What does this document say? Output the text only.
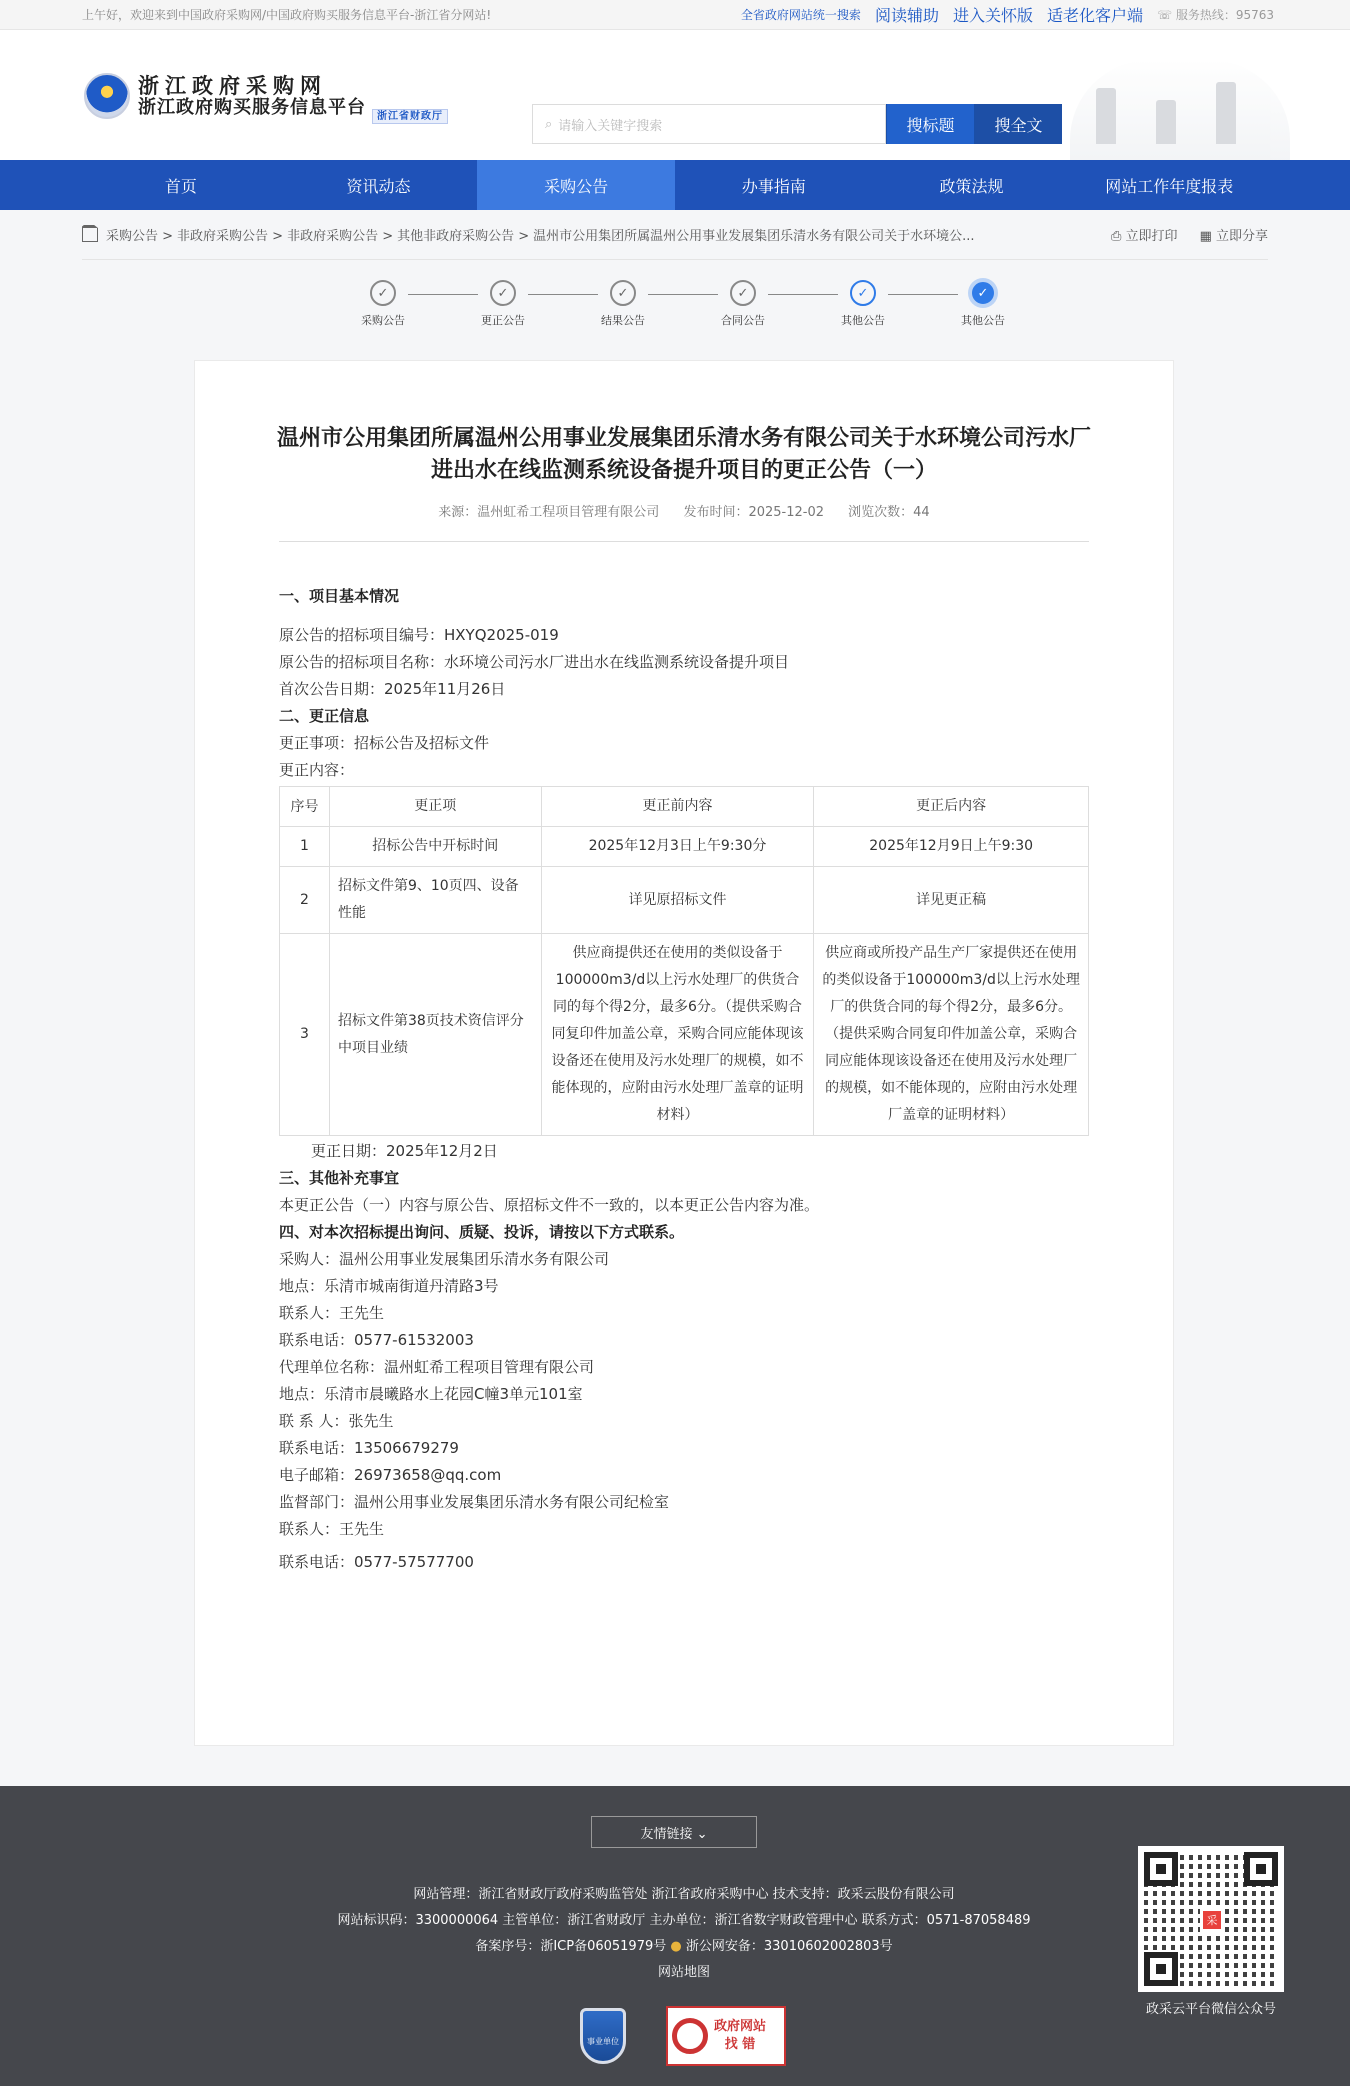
上午好，欢迎来到中国政府采购网/中国政府购买服务信息平台-浙江省分网站!	全省政府网站统一搜索 阅读辅助 进入关怀版 适老化客户端 ☏ 服务热线：95763
浙江政府采购网
浙江政府购买服务信息平台 $_{浙江省财政厅}$
⌕ 请输入关键字搜索	搜标题	搜全文
首页	资讯动态	采购公告	办事指南	政策法规	网站工作年度报表
采购公告 > 非政府采购公告 > 非政府采购公告 > 其他非政府采购公告 > 温州市公用集团所属温州公用事业发展集团乐清水务有限公司关于水环境公...	⎙ 立即打印 ▦ 立即分享
✓
采购公告
✓
更正公告
✓
结果公告
✓
合同公告
✓
其他公告
✓
其他公告
温州市公用集团所属温州公用事业发展集团乐清水务有限公司关于水环境公司污水厂进出水在线监测系统设备提升项目的更正公告（一）
来源：温州虹希工程项目管理有限公司 发布时间：2025-12-02 浏览次数：44
一、项目基本情况
原公告的招标项目编号：HXYQ2025-019
原公告的招标项目名称：水环境公司污水厂进出水在线监测系统设备提升项目
首次公告日期：2025年11月26日
二、更正信息
更正事项：招标公告及招标文件
更正内容：
序号	更正项	更正前内容	更正后内容
1	招标公告中开标时间	2025年12月3日上午9:30分	2025年12月9日上午9:30
2	招标文件第9、10页四、设备性能	详见原招标文件	详见更正稿
3	招标文件第38页技术资信评分中项目业绩	供应商提供还在使用的类似设备于100000m3/d以上污水处理厂的供货合同的每个得2分，最多6分。（提供采购合同复印件加盖公章，采购合同应能体现该设备还在使用及污水处理厂的规模，如不能体现的，应附由污水处理厂盖章的证明材料）	供应商或所投产品生产厂家提供还在使用的类似设备于100000m3/d以上污水处理厂的供货合同的每个得2分，最多6分。（提供采购合同复印件加盖公章，采购合同应能体现该设备还在使用及污水处理厂的规模，如不能体现的，应附由污水处理厂盖章的证明材料）
更正日期：2025年12月2日
三、其他补充事宜
本更正公告（一）内容与原公告、原招标文件不一致的，以本更正公告内容为准。
四、对本次招标提出询问、质疑、投诉，请按以下方式联系。
采购人：温州公用事业发展集团乐清水务有限公司
地点：乐清市城南街道丹清路3号
联系人：王先生
联系电话：0577-61532003
代理单位名称：温州虹希工程项目管理有限公司
地点：乐清市晨曦路水上花园C幢3单元101室
联 系 人：张先生
联系电话：13506679279
电子邮箱：26973658@qq.com
监督部门：温州公用事业发展集团乐清水务有限公司纪检室
联系人：王先生
联系电话：0577-57577700
友情链接 ⌄
网站管理：浙江省财政厅政府采购监管处 浙江省政府采购中心 技术支持：政采云股份有限公司
网站标识码：3300000064 主管单位：浙江省财政厅 主办单位：浙江省数字财政管理中心 联系方式：0571-87058489
备案序号：浙ICP备06051979号 ● 浙公网安备：33010602002803号
网站地图
事业单位
政府网站
找 错
采
政采云平台微信公众号
